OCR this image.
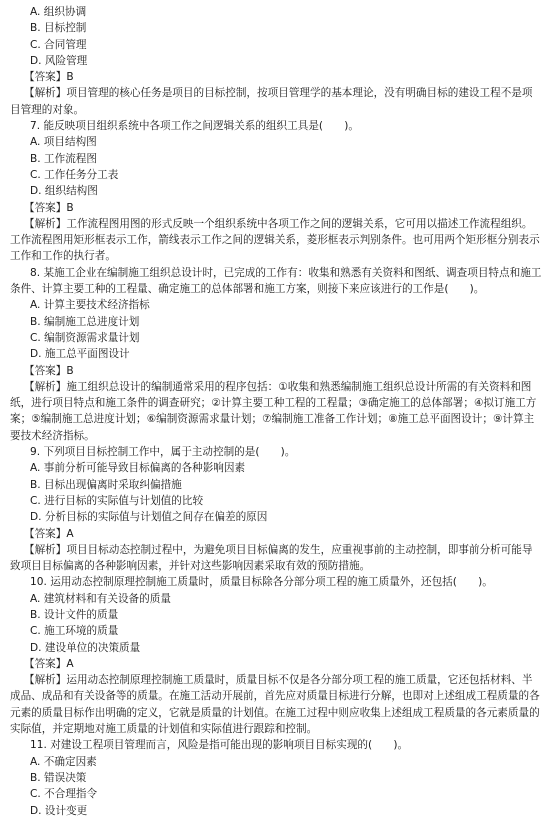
A. 组织协调
B. 目标控制
C. 合同管理
D. 风险管理
【答案】B
【解析】项目管理的核心任务是项目的目标控制，按项目管理学的基本理论，没有明确目标的建设工程不是项
目管理的对象。
7. 能反映项目组织系统中各项工作之间逻辑关系的组织工具是(　　)。
A. 项目结构图
B. 工作流程图
C. 工作任务分工表
D. 组织结构图
【答案】B
【解析】工作流程图用图的形式反映一个组织系统中各项工作之间的逻辑关系，它可用以描述工作流程组织。
工作流程图用矩形框表示工作，箭线表示工作之间的逻辑关系，菱形框表示判别条件。也可用两个矩形框分别表示
工作和工作的执行者。
8. 某施工企业在编制施工组织总设计时，已完成的工作有：收集和熟悉有关资料和图纸、调查项目特点和施工
条件、计算主要工种的工程量、确定施工的总体部署和施工方案，则接下来应该进行的工作是(　　)。
A. 计算主要技术经济指标
B. 编制施工总进度计划
C. 编制资源需求量计划
D. 施工总平面图设计
【答案】B
【解析】施工组织总设计的编制通常采用的程序包括：①收集和熟悉编制施工组织总设计所需的有关资料和图
纸，进行项目特点和施工条件的调查研究；②计算主要工种工程的工程量；③确定施工的总体部署；④拟订施工方
案；⑤编制施工总进度计划；⑥编制资源需求量计划；⑦编制施工准备工作计划；⑧施工总平面图设计；⑨计算主
要技术经济指标。
9. 下列项目目标控制工作中，属于主动控制的是(　　)。
A. 事前分析可能导致目标偏离的各种影响因素
B. 目标出现偏离时采取纠偏措施
C. 进行目标的实际值与计划值的比较
D. 分析目标的实际值与计划值之间存在偏差的原因
【答案】A
【解析】项目目标动态控制过程中，为避免项目目标偏离的发生，应重视事前的主动控制，即事前分析可能导
致项目目标偏离的各种影响因素，并针对这些影响因素采取有效的预防措施。
10. 运用动态控制原理控制施工质量时，质量目标除各分部分项工程的施工质量外，还包括(　　)。
A. 建筑材料和有关设备的质量
B. 设计文件的质量
C. 施工环境的质量
D. 建设单位的决策质量
【答案】A
【解析】运用动态控制原理控制施工质量时，质量目标不仅是各分部分项工程的施工质量，它还包括材料、半
成品、成品和有关设备等的质量。在施工活动开展前，首先应对质量目标进行分解，也即对上述组成工程质量的各
元素的质量目标作出明确的定义，它就是质量的计划值。在施工过程中则应收集上述组成工程质量的各元素质量的
实际值，并定期地对施工质量的计划值和实际值进行跟踪和控制。
11. 对建设工程项目管理而言，风险是指可能出现的影响项目目标实现的(　　)。
A. 不确定因素
B. 错误决策
C. 不合理指令
D. 设计变更
